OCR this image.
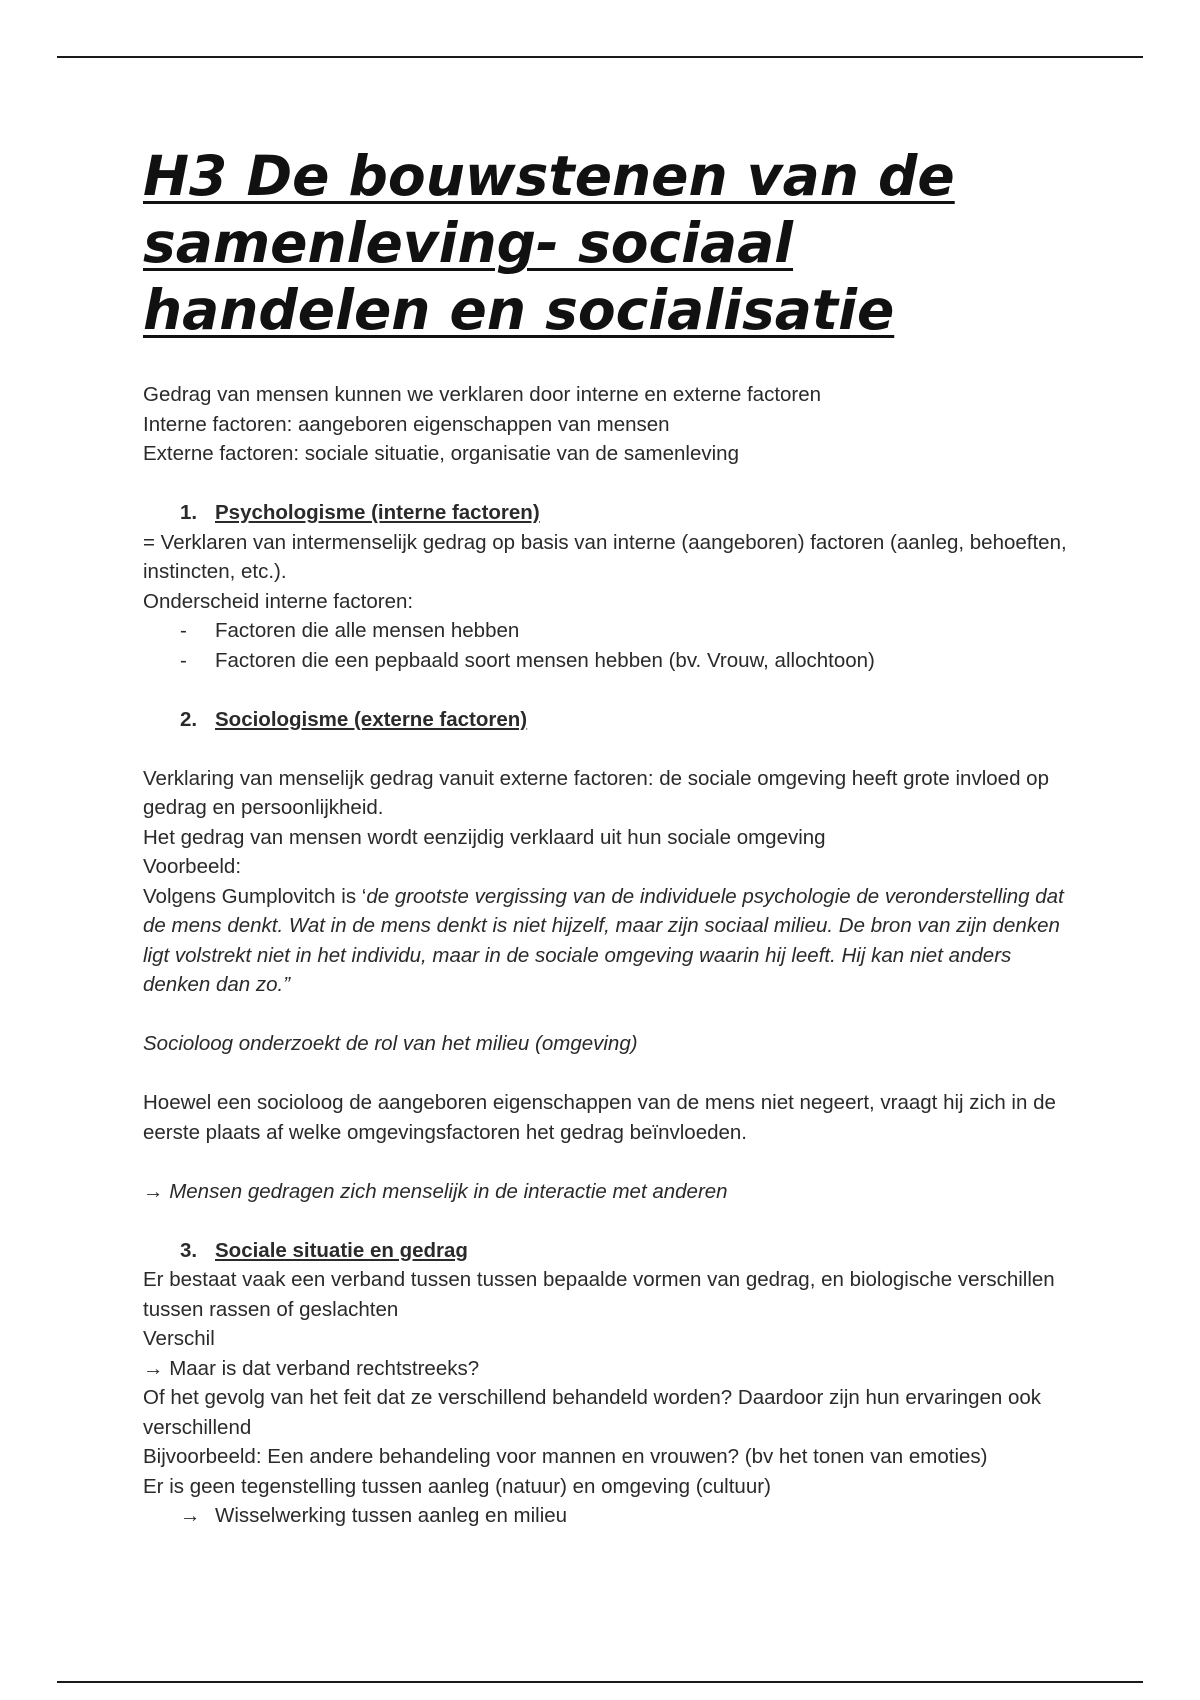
H3 De bouwstenen van de samenleving- sociaal handelen en socialisatie

Gedrag van mensen kunnen we verklaren door interne en externe factoren

Interne factoren: aangeboren eigenschappen van mensen

Externe factoren: sociale situatie, organisatie van de samenleving

1. Psychologisme (interne factoren)

= Verklaren van intermenselijk gedrag op basis van interne (aangeboren) factoren (aanleg, behoeften, instincten, etc.).

Onderscheid interne factoren:

- Factoren die alle mensen hebben
- Factoren die een pepbaald soort mensen hebben (bv. Vrouw, allochtoon)

2. Sociologisme (externe factoren)

Verklaring van menselijk gedrag vanuit externe factoren: de sociale omgeving heeft grote invloed op gedrag en persoonlijkheid.

Het gedrag van mensen wordt eenzijdig verklaard uit hun sociale omgeving

Voorbeeld:

Volgens Gumplovitch is ‘de grootste vergissing van de individuele psychologie de veronderstelling dat de mens denkt. Wat in de mens denkt is niet hijzelf, maar zijn sociaal milieu. De bron van zijn denken ligt volstrekt niet in het individu, maar in de sociale omgeving waarin hij leeft. Hij kan niet anders denken dan zo.”

Socioloog onderzoekt de rol van het milieu (omgeving)

Hoewel een socioloog de aangeboren eigenschappen van de mens niet negeert, vraagt hij zich in de eerste plaats af welke omgevingsfactoren het gedrag beïnvloeden.

→ Mensen gedragen zich menselijk in de interactie met anderen

3. Sociale situatie en gedrag

Er bestaat vaak een verband tussen tussen bepaalde vormen van gedrag, en biologische verschillen tussen rassen of geslachten

Verschil

→ Maar is dat verband rechtstreeks?

Of het gevolg van het feit dat ze verschillend behandeld worden? Daardoor zijn hun ervaringen ook verschillend

Bijvoorbeeld: Een andere behandeling voor mannen en vrouwen? (bv het tonen van emoties)

Er is geen tegenstelling tussen aanleg (natuur) en omgeving (cultuur)

→ Wisselwerking tussen aanleg en milieu
